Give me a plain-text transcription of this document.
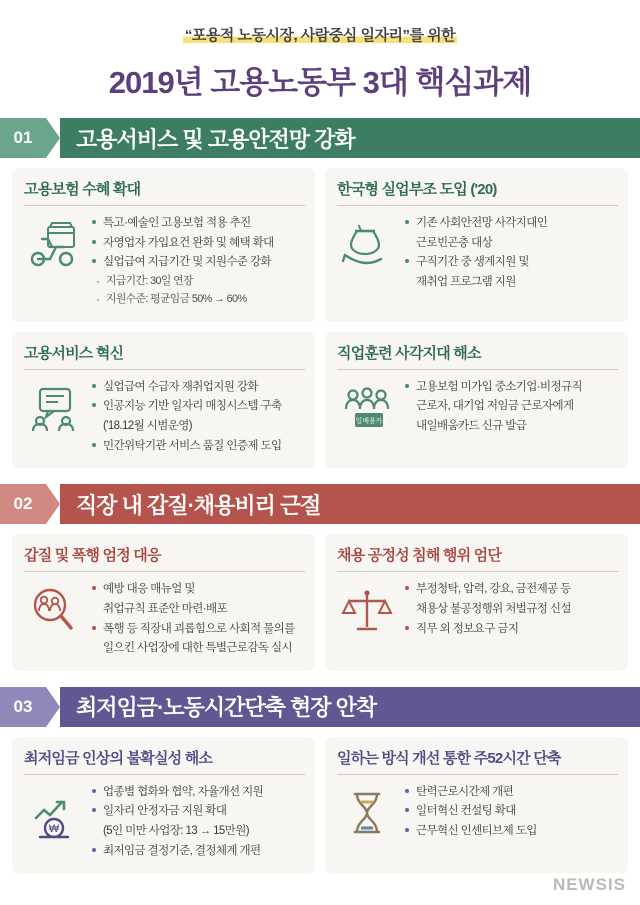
“포용적 노동시장, 사람중심 일자리”를 위한
2019년 고용노동부 3대 핵심과제
01	고용서비스 및 고용안전망 강화
고용보험 수혜 확대
특고·예술인 고용보험 적용 추진
자영업자 가입요건 완화 및 혜택 확대
실업급여 지급기간 및 지원수준 강화
· 지급기간: 30일 연장
· 지원수준: 평균임금 50% → 60%
한국형 실업부조 도입 ('20)
기존 사회안전망 사각지대인
근로빈곤층 대상
구직기간 중 생계지원 및
재취업 프로그램 지원
고용서비스 혁신
실업급여 수급자 재취업지원 강화
인공지능 기반 일자리 매칭시스템 구축
('18.12월 시범운영)
민간위탁기관 서비스 품질 인증제 도입
직업훈련 사각지대 해소
내일배움카드
고용보험 미가입 중소기업·비정규직
근로자, 대기업 저임금 근로자에게
내일배움카드 신규 발급
02	직장 내 갑질·채용비리 근절
갑질 및 폭행 엄정 대응
예방 대응 매뉴얼 및
취업규칙 표준안 마련·배포
폭행 등 직장내 괴롭힘으로 사회적 물의를
일으킨 사업장에 대한 특별근로감독 실시
채용 공정성 침해 행위 엄단
부정청탁, 압력, 강요, 금전제공 등
채용상 불공정행위 처벌규정 신설
직무 외 정보요구 금지
03	최저임금·노동시간단축 현장 안착
최저임금 인상의 불확실성 해소
₩
업종별 협화와 협약, 자율개선 지원
일자리 안정자금 지원 확대
(5인 미만 사업장: 13 → 15만원)
최저임금 결정기준, 결정체계 개편
일하는 방식 개선 통한 주52시간 단축
탄력근로시간제 개편
일터혁신 컨설팅 확대
근무혁신 인센티브제 도입
NEWSIS
